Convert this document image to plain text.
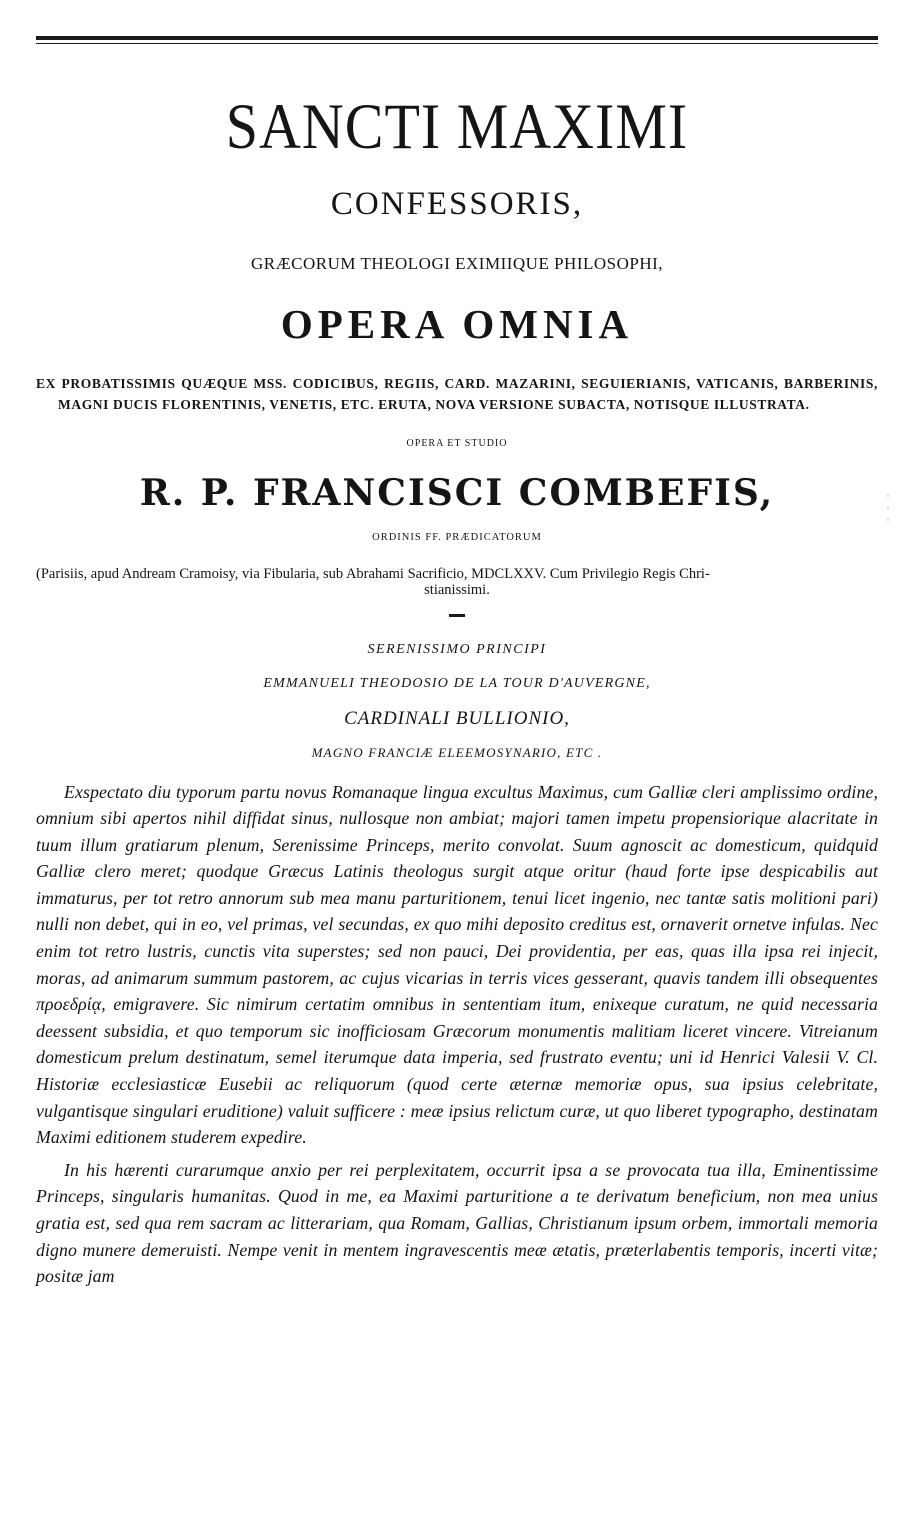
SANCTI MAXIMI
CONFESSORIS,
GRÆCORUM THEOLOGI EXIMIIQUE PHILOSOPHI,
OPERA OMNIA
EX PROBATISSIMIS QUÆQUE MSS. CODICIBUS, REGIIS, CARD. MAZARINI, SEGUIERIANIS, VATICANIS, BARBERINIS, MAGNI DUCIS FLORENTINIS, VENETIS, ETC. ERUTA, NOVA VERSIONE SUBACTA, NOTISQUE ILLUSTRATA.
OPERA ET STUDIO
R. P. FRANCISCI COMBEFIS,
ORDINIS FF. PRÆDICATORUM
(Parisiis, apud Andream Cramoisy, via Fibularia, sub Abrahami Sacrificio, MDCLXXV. Cum Privilegio Regis Chri-
stianissimi.
SERENISSIMO PRINCIPI
EMMANUELI THEODOSIO DE LA TOUR D'AUVERGNE,
CARDINALI BULLIONIO,
MAGNO FRANCIÆ ELEEMOSYNARIO, ETC .

Exspectato diu typorum partu novus Romanaque lingua excultus Maximus, cum Galliæ cleri amplissimo ordine, omnium sibi apertos nihil diffidat sinus, nullosque non ambiat; majori tamen impetu propensiorique alacritate in tuum illum gratiarum plenum, Serenissime Princeps, merito convolat. Suum agnoscit ac domesticum, quidquid Galliæ clero meret; quodque Græcus Latinis theologus surgit atque oritur (haud forte ipse despicabilis aut immaturus, per tot retro annorum sub mea manu parturitionem, tenui licet ingenio, nec tantæ satis molitioni pari) nulli non debet, qui in eo, vel primas, vel secundas, ex quo mihi deposito creditus est, ornaverit ornetve infulas. Nec enim tot retro lustris, cunctis vita superstes; sed non pauci, Dei providentia, per eas, quas illa ipsa rei injecit, moras, ad animarum summum pastorem, ac cujus vicarias in terris vices gesserant, quavis tandem illi obsequentes προεδρίᾳ, emigravere. Sic nimirum certatim omnibus in sententiam itum, enixeque curatum, ne quid necessaria deessent subsidia, et quo temporum sic inofficiosam Græcorum monumentis malitiam liceret vincere. Vitreianum domesticum prelum destinatum, semel iterumque data imperia, sed frustrato eventu; uni id Henrici Valesii V. Cl. Historiæ ecclesiasticæ Eusebii ac reliquorum (quod certe æternæ memoriæ opus, sua ipsius celebritate, vulgantisque singulari eruditione) valuit sufficere : meæ ipsius relictum curæ, ut quo liberet typographo, destinatam Maximi editionem studerem expedire.

In his hærenti curarumque anxio per rei perplexitatem, occurrit ipsa a se provocata tua illa, Eminentissime Princeps, singularis humanitas. Quod in me, ea Maximi parturitione a te derivatum beneficium, non mea unius gratia est, sed qua rem sacram ac litterariam, qua Romam, Gallias, Christianum ipsum orbem, immortali memoria digno munere demeruisti. Nempe venit in mentem ingravescentis meæ ætatis, præterlabentis temporis, incerti vitæ; positæ jam

·
·
·
